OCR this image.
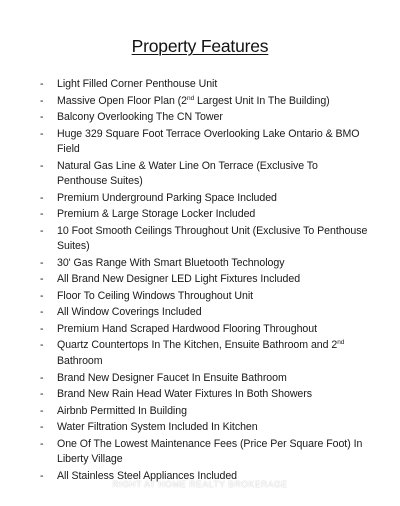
Property Features
- Light Filled Corner Penthouse Unit
- Massive Open Floor Plan (2nd Largest Unit In The Building)
- Balcony Overlooking The CN Tower
- Huge 329 Square Foot Terrace Overlooking Lake Ontario & BMO Field
- Natural Gas Line & Water Line On Terrace (Exclusive To Penthouse Suites)
- Premium Underground Parking Space Included
- Premium & Large Storage Locker Included
- 10 Foot Smooth Ceilings Throughout Unit (Exclusive To Penthouse Suites)
- 30' Gas Range With Smart Bluetooth Technology
- All Brand New Designer LED Light Fixtures Included
- Floor To Ceiling Windows Throughout Unit
- All Window Coverings Included
- Premium Hand Scraped Hardwood Flooring Throughout
- Quartz Countertops In The Kitchen, Ensuite Bathroom and 2nd Bathroom
- Brand New Designer Faucet In Ensuite Bathroom
- Brand New Rain Head Water Fixtures In Both Showers
- Airbnb Permitted In Building
- Water Filtration System Included In Kitchen
- One Of The Lowest Maintenance Fees (Price Per Square Foot) In Liberty Village
- All Stainless Steel Appliances Included
RIGHT AT HOME REALTY BROKERAGE
